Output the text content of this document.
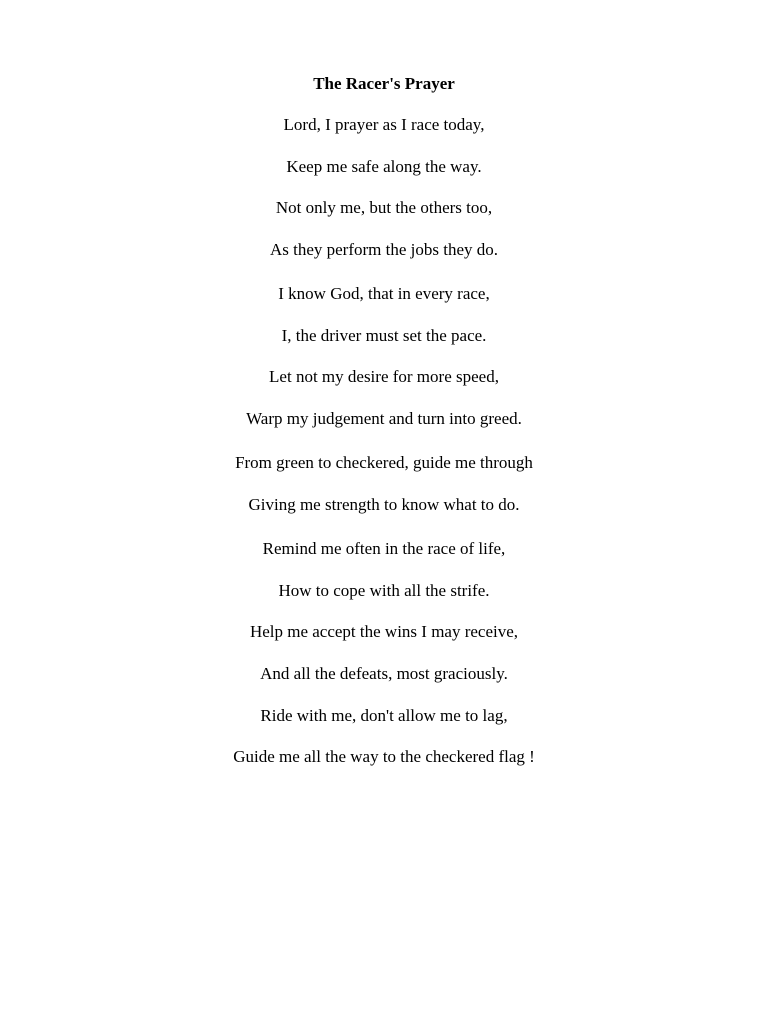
The Racer's Prayer
Lord, I prayer as I race today,
Keep me safe along the way.
Not only me, but the others too,
As they perform the jobs they do.
I know God, that in every race,
I, the driver must set the pace.
Let not my desire for more speed,
Warp my judgement and turn into greed.
From green to checkered, guide me through
Giving me strength to know what to do.
Remind me often in the race of life,
How to cope with all the strife.
Help me accept the wins I may receive,
And all the defeats, most graciously.
Ride with me, don't allow me to lag,
Guide me all the way to the checkered flag !
